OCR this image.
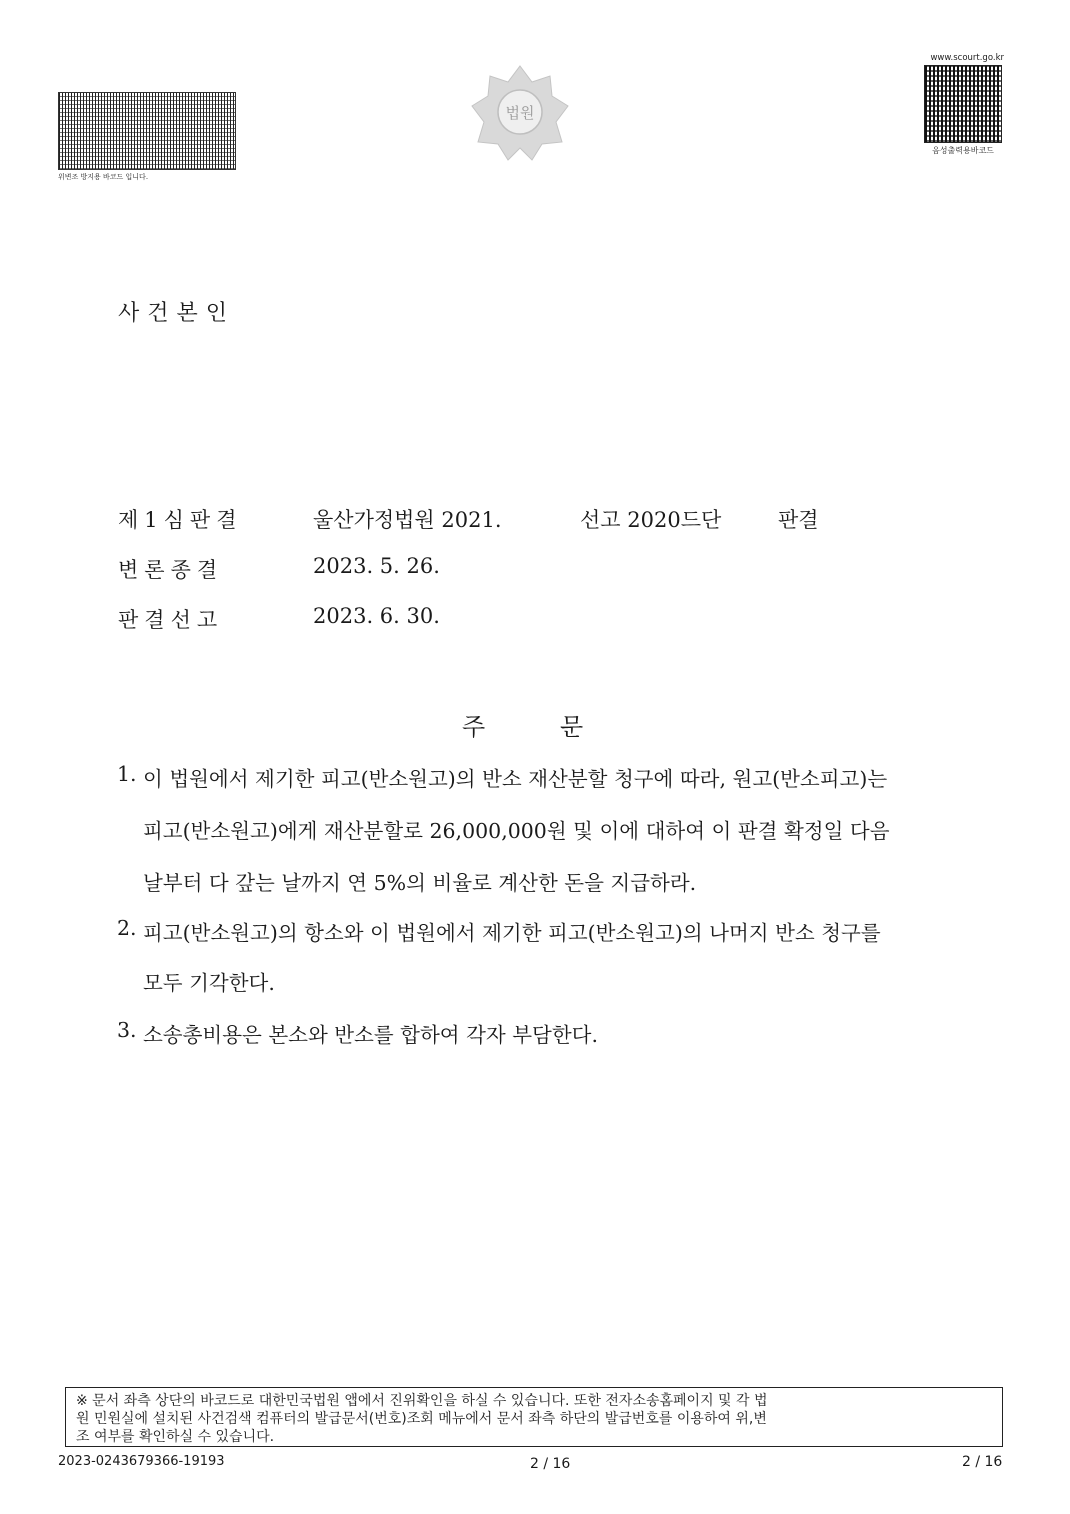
위변조 방지용 바코드 입니다.
법원
www.scourt.go.kr
음성출력용바코드
사건본인
제1심판결	울산가정법원 2021.	선고 2020드단	판결
변론종결	2023. 5. 26.
판결선고	2023. 6. 30.
주	문
1. 이 법원에서 제기한 피고(반소원고)의 반소 재산분할 청구에 따라, 원고(반소피고)는
피고(반소원고)에게 재산분할로 26,000,000원 및 이에 대하여 이 판결 확정일 다음
날부터 다 갚는 날까지 연 5%의 비율로 계산한 돈을 지급하라.
2. 피고(반소원고)의 항소와 이 법원에서 제기한 피고(반소원고)의 나머지 반소 청구를
모두 기각한다.
3. 소송총비용은 본소와 반소를 합하여 각자 부담한다.
※ 문서 좌측 상단의 바코드로 대한민국법원 앱에서 진위확인을 하실 수 있습니다. 또한 전자소송홈페이지 및 각 법
원 민원실에 설치된 사건검색 컴퓨터의 발급문서(번호)조회 메뉴에서 문서 좌측 하단의 발급번호를 이용하여 위,변
조 여부를 확인하실 수 있습니다.
2023-0243679366-19193	2 / 16	2 / 16
